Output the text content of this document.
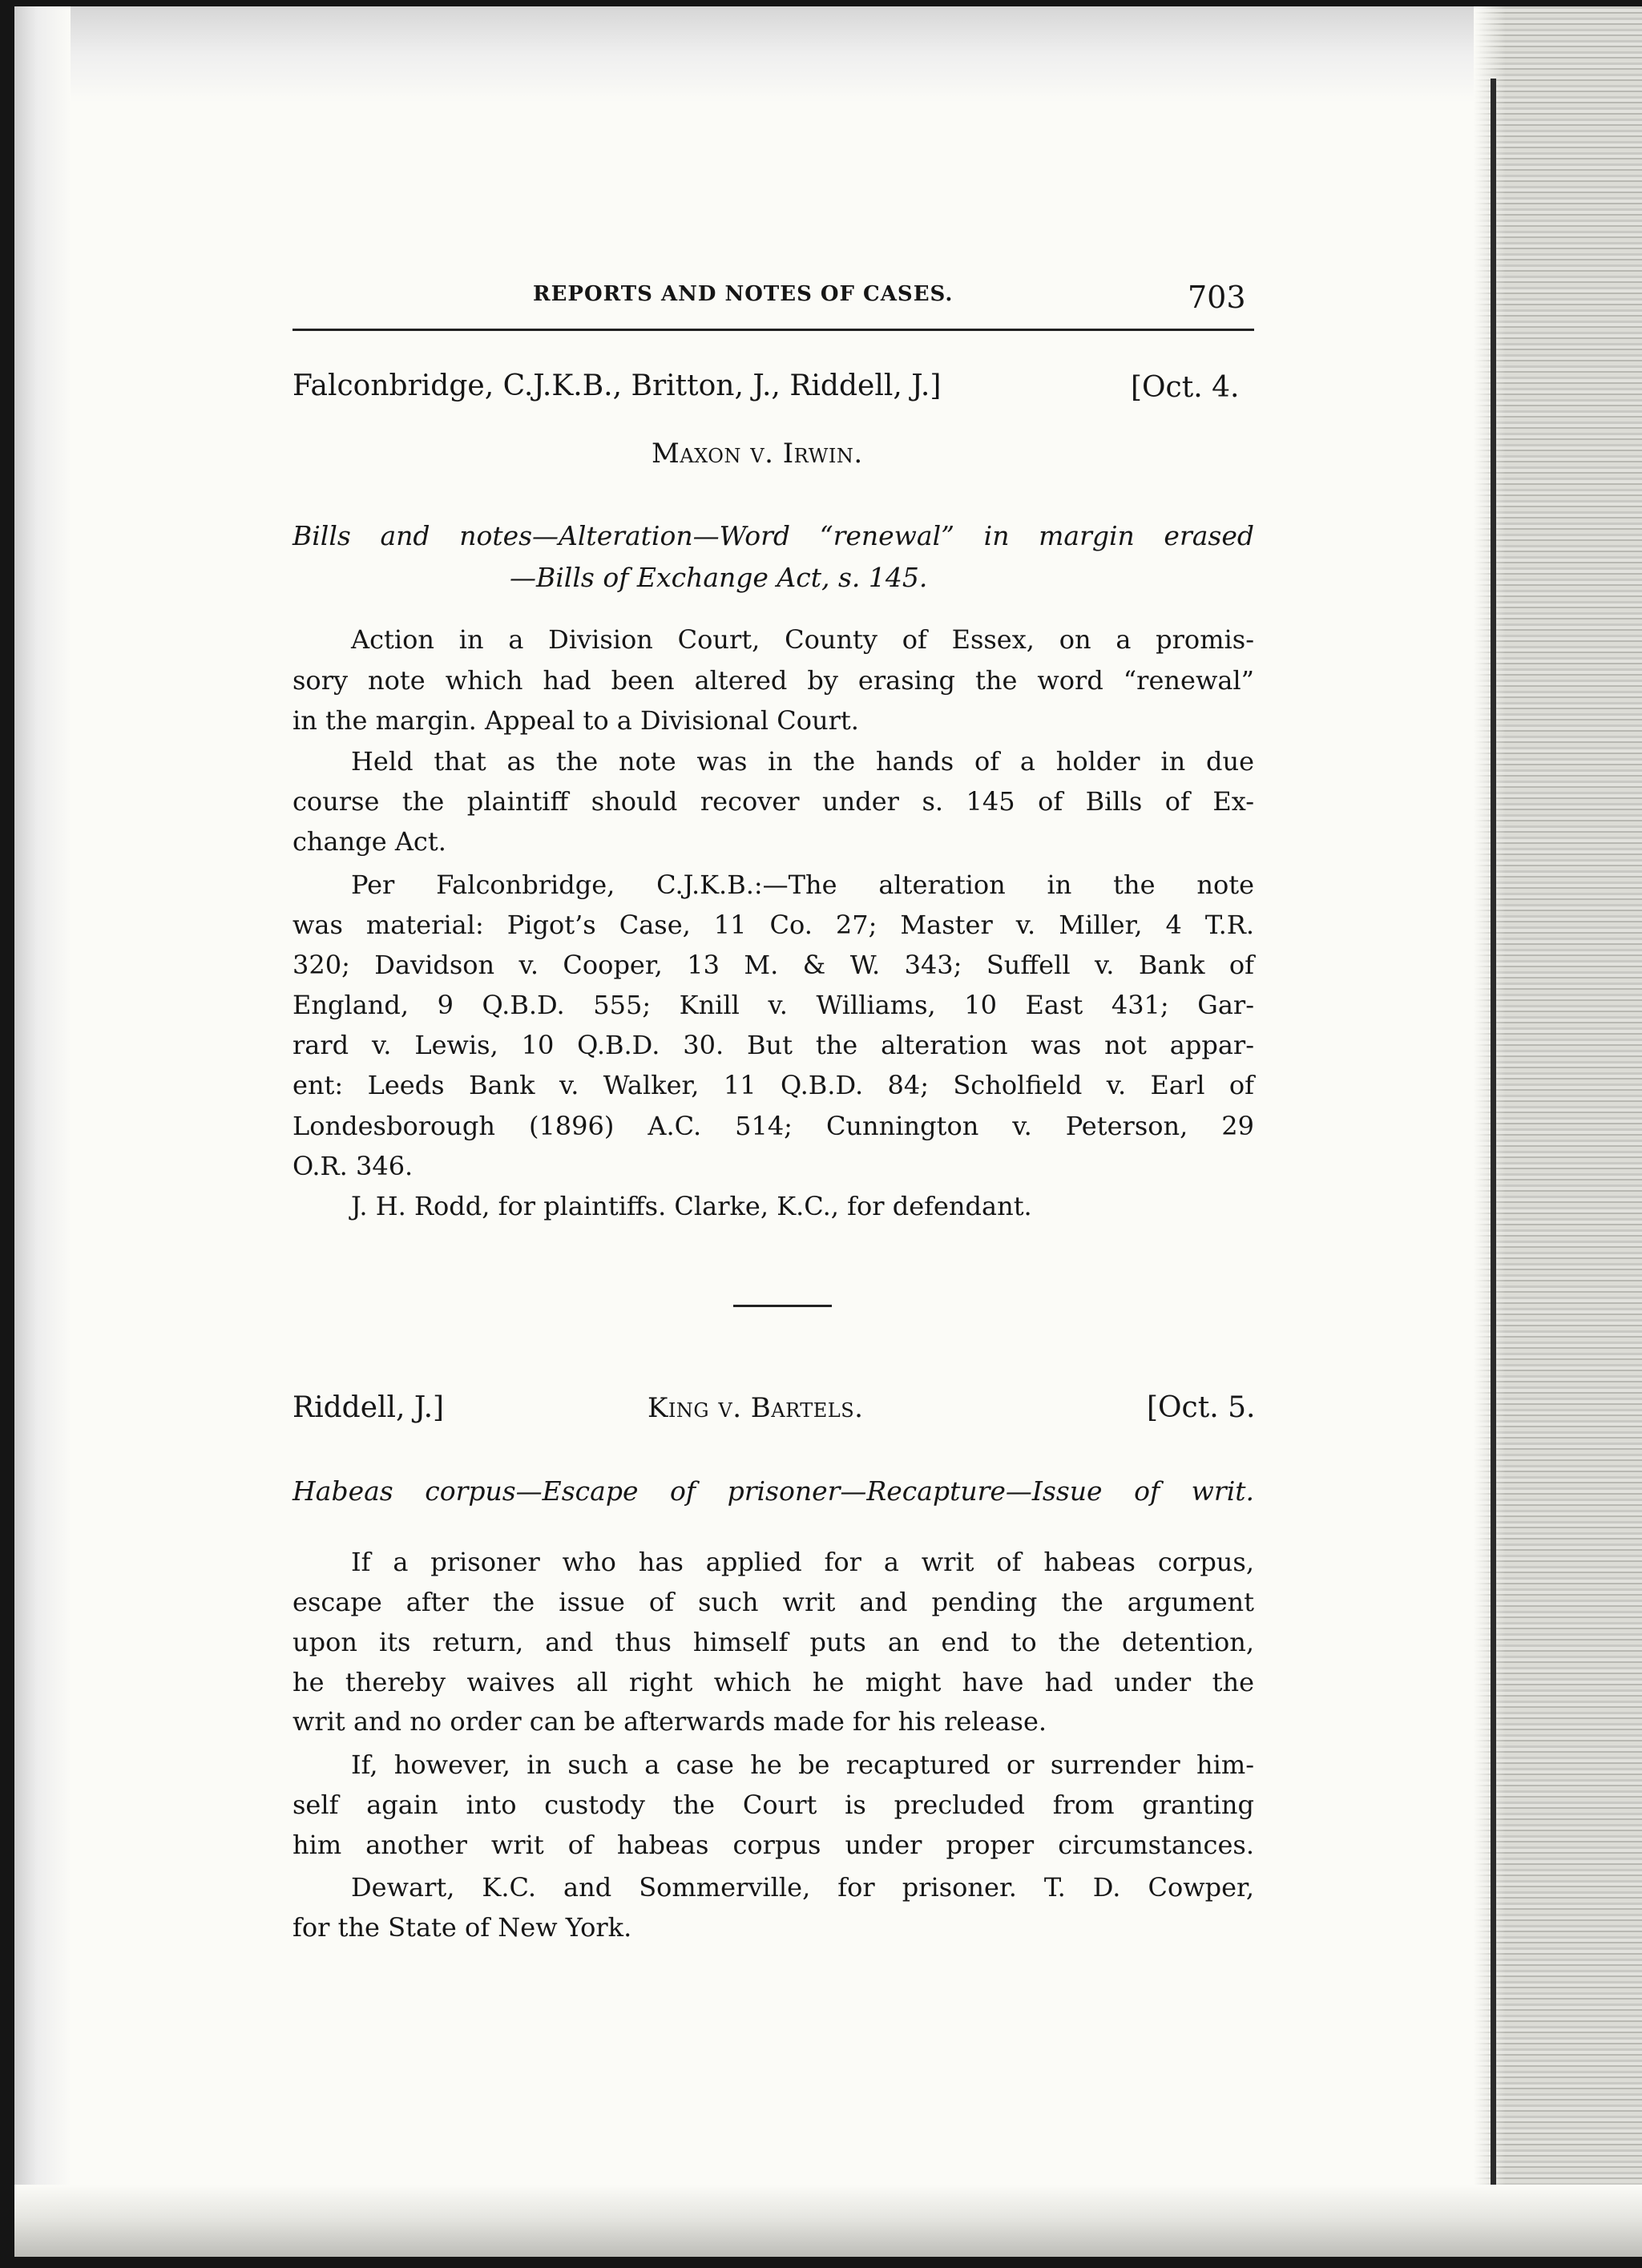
REPORTS AND NOTES OF CASES.	703
Falconbridge, C.J.K.B., Britton, J., Riddell, J.]	[Oct. 4.
Maxon v. Irwin.

Bills and notes—Alteration—Word “renewal” in margin erased

—Bills of Exchange Act, s. 145.

Action in a Division Court, County of Essex, on a promis-

sory note which had been altered by erasing the word “renewal”

in the margin. Appeal to a Divisional Court.

Held that as the note was in the hands of a holder in due

course the plaintiff should recover under s. 145 of Bills of Ex-

change Act.

Per Falconbridge, C.J.K.B.:—The alteration in the note

was material: Pigot’s Case, 11 Co. 27; Master v. Miller, 4 T.R.

320; Davidson v. Cooper, 13 M. & W. 343; Suffell v. Bank of

England, 9 Q.B.D. 555; Knill v. Williams, 10 East 431; Gar-

rard v. Lewis, 10 Q.B.D. 30. But the alteration was not appar-

ent: Leeds Bank v. Walker, 11 Q.B.D. 84; Scholfield v. Earl of

Londesborough (1896) A.C. 514; Cunnington v. Peterson, 29

O.R. 346.

J. H. Rodd, for plaintiffs. Clarke, K.C., for defendant.

Riddell, J.]	King v. Bartels.	[Oct. 5.

Habeas corpus—Escape of prisoner—Recapture—Issue of writ.

If a prisoner who has applied for a writ of habeas corpus,

escape after the issue of such writ and pending the argument

upon its return, and thus himself puts an end to the detention,

he thereby waives all right which he might have had under the

writ and no order can be afterwards made for his release.

If, however, in such a case he be recaptured or surrender him-

self again into custody the Court is precluded from granting

him another writ of habeas corpus under proper circumstances.

Dewart, K.C. and Sommerville, for prisoner. T. D. Cowper,

for the State of New York.
